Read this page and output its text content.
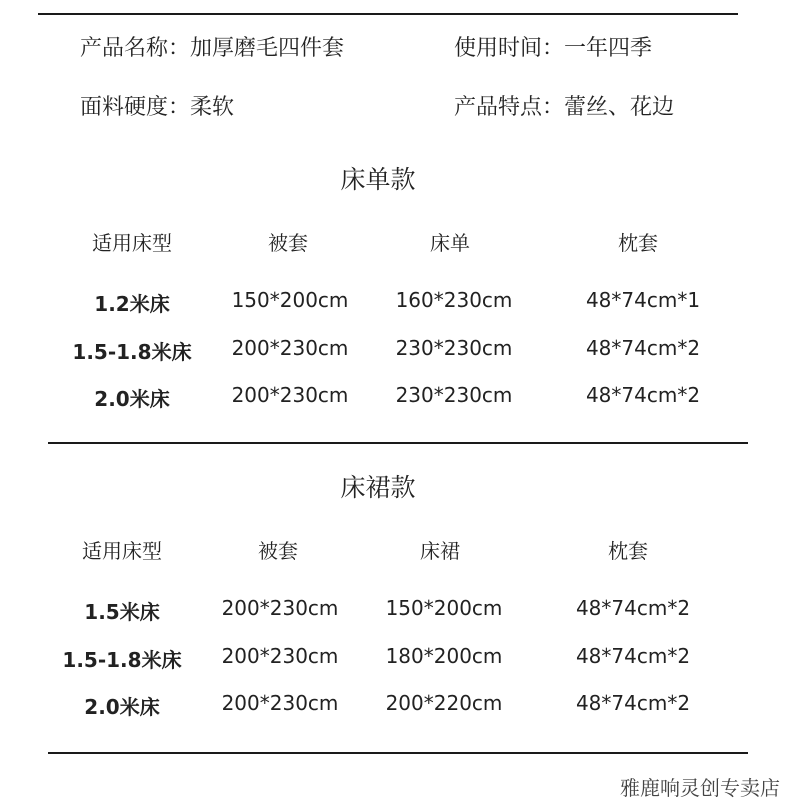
产品名称：加厚磨毛四件套	使用时间：一年四季
面料硬度：柔软	产品特点：蕾丝、花边
床单款
适用床型	被套	床单	枕套
1.2米床	150*200cm	160*230cm	48*74cm*1
1.5-1.8米床	200*230cm	230*230cm	48*74cm*2
2.0米床	200*230cm	230*230cm	48*74cm*2
床裙款
适用床型	被套	床裙	枕套
1.5米床	200*230cm	150*200cm	48*74cm*2
1.5-1.8米床	200*230cm	180*200cm	48*74cm*2
2.0米床	200*230cm	200*220cm	48*74cm*2
雅鹿响灵创专卖店
